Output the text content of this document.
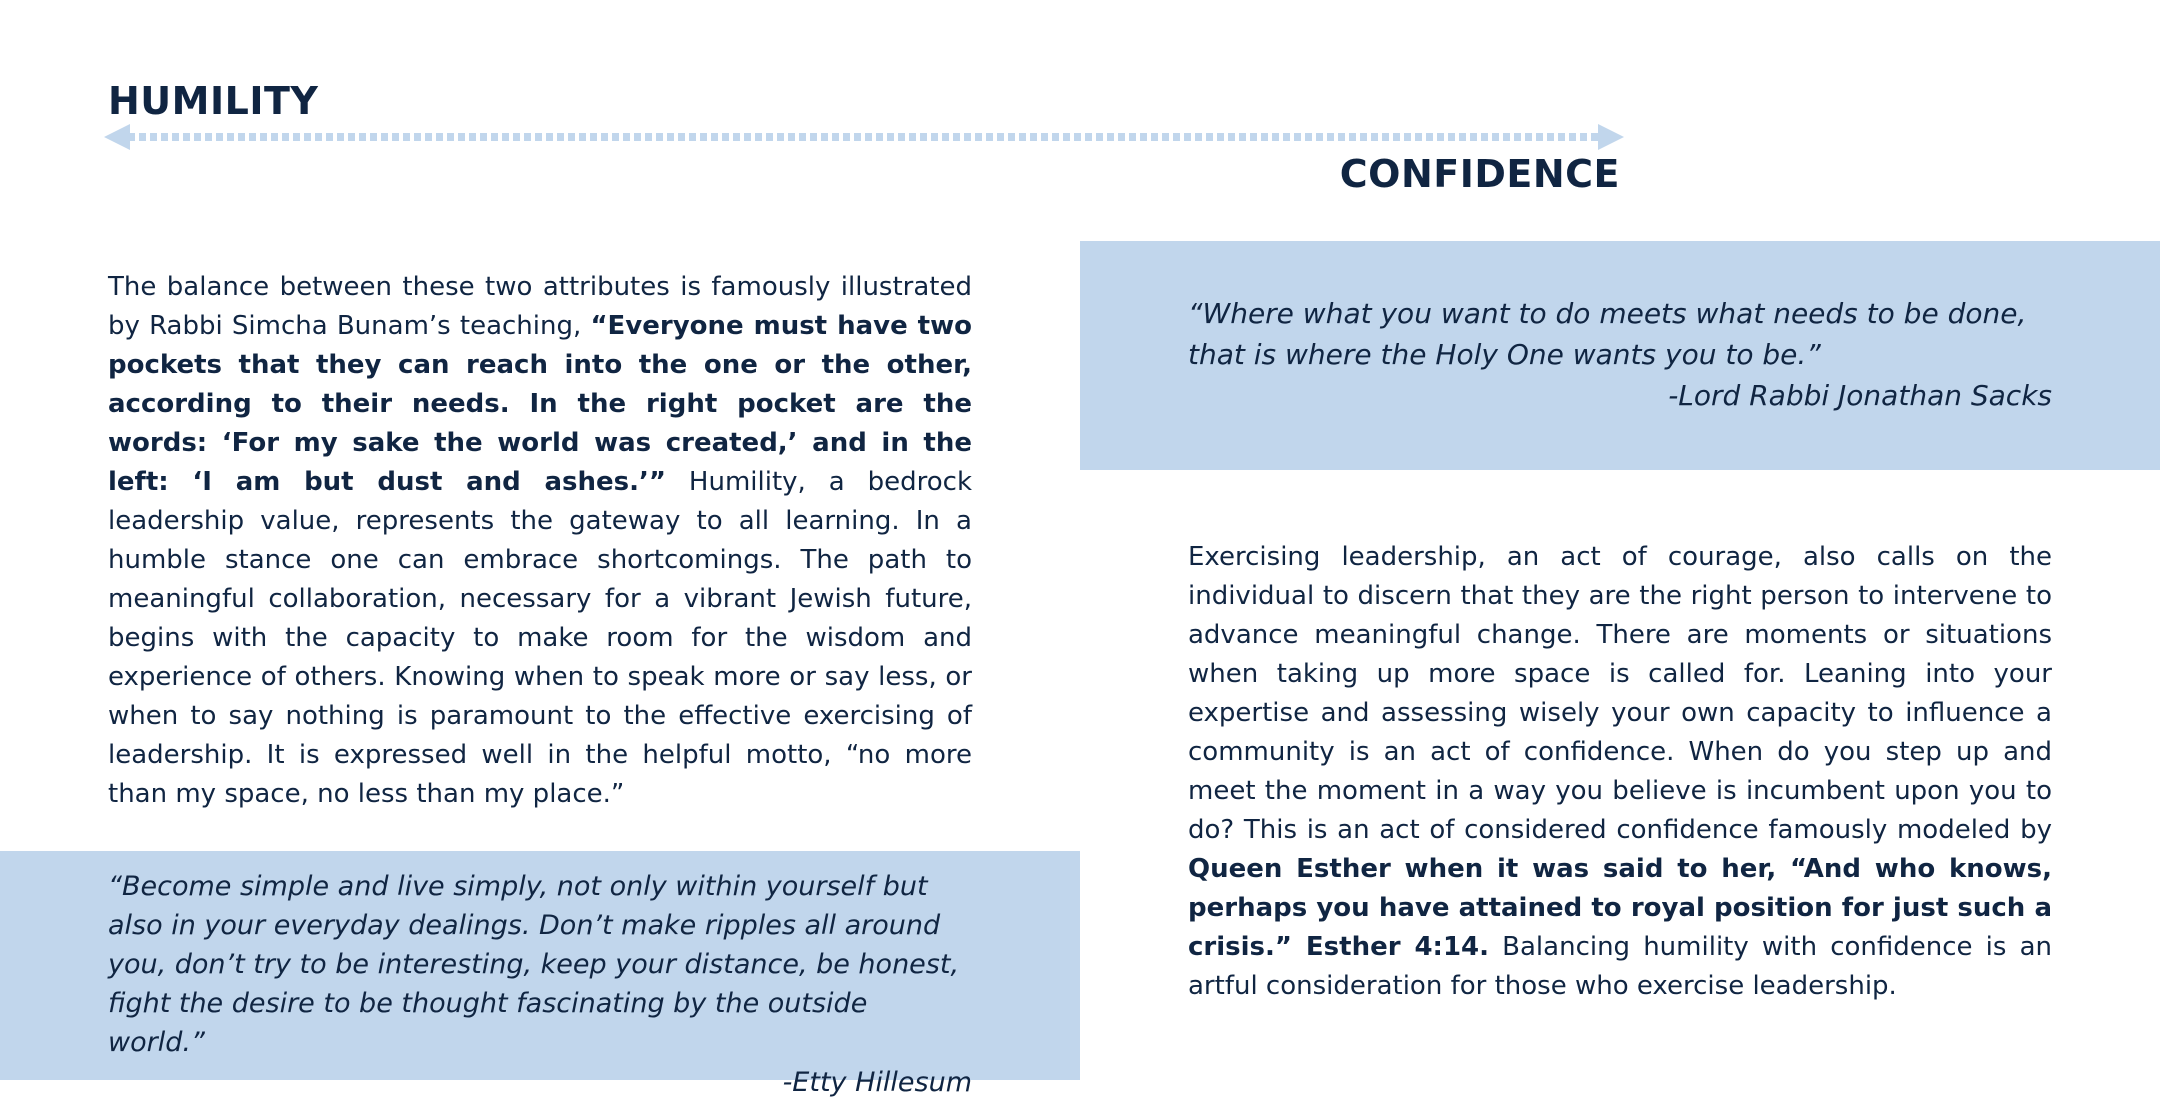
HUMILITY
CONFIDENCE
The balance between these two attributes is famously illustrated by Rabbi Simcha Bunam’s teaching, “Everyone must have two pockets that they can reach into the one or the other, according to their needs. In the right pocket are the words: ‘For my sake the world was created,’ and in the left: ‘I am but dust and ashes.’” Humility, a bedrock leadership value, represents the gateway to all learning. In a humble stance one can embrace shortcomings. The path to meaningful collaboration, necessary for a vibrant Jewish future, begins with the capacity to make room for the wisdom and experience of others. Knowing when to speak more or say less, or when to say nothing is paramount to the effective exercising of leadership. It is expressed well in the helpful motto, “no more than my space, no less than my place.”

“Where what you want to do meets what needs to be done, that is where the Holy One wants you to be.”

-Lord Rabbi Jonathan Sacks

Exercising leadership, an act of courage, also calls on the individual to discern that they are the right person to intervene to advance meaningful change. There are moments or situations when taking up more space is called for. Leaning into your expertise and assessing wisely your own capacity to influence a community is an act of confidence. When do you step up and meet the moment in a way you believe is incumbent upon you to do? This is an act of considered confidence famously modeled by Queen Esther when it was said to her, “And who knows, perhaps you have attained to royal position for just such a crisis.” Esther 4:14. Balancing humility with confidence is an artful consideration for those who exercise leadership.

“Become simple and live simply, not only within yourself but also in your everyday dealings. Don’t make ripples all around you, don’t try to be interesting, keep your distance, be honest, fight the desire to be thought fascinating by the outside world.”

-Etty Hillesum
